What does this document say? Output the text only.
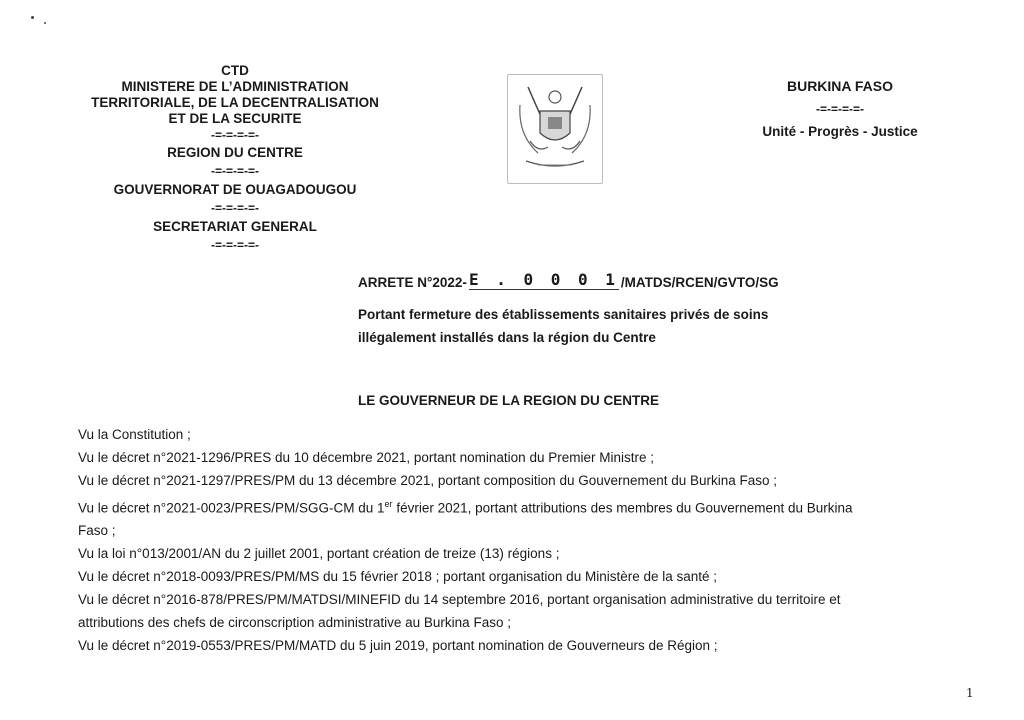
CTD
MINISTERE DE L’ADMINISTRATION
TERRITORIALE, DE LA DECENTRALISATION
ET DE LA SECURITE
-=-=-=-=-
REGION DU CENTRE
-=-=-=-=-
GOUVERNORAT DE OUAGADOUGOU
-=-=-=-=-
SECRETARIAT GENERAL
-=-=-=-=-
BURKINA FASO
-=-=-=-=-
Unité - Progrès - Justice
ARRETE N°2022- E . 0 0 0 1 /MATDS/RCEN/GVTO/SG
Portant fermeture des établissements sanitaires privés de soins
illégalement installés dans la région du Centre
LE GOUVERNEUR DE LA REGION DU CENTRE

Vu la Constitution ;

Vu le décret n°2021-1296/PRES du 10 décembre 2021, portant nomination du Premier Ministre ;

Vu le décret n°2021-1297/PRES/PM du 13 décembre 2021, portant composition du Gouvernement du Burkina Faso ;

Vu le décret n°2021-0023/PRES/PM/SGG-CM du 1er février 2021, portant attributions des membres du Gouvernement du Burkina

Faso ;

Vu la loi n°013/2001/AN du 2 juillet 2001, portant création de treize (13) régions ;

Vu le décret n°2018-0093/PRES/PM/MS du 15 février 2018 ; portant organisation du Ministère de la santé ;

Vu le décret n°2016-878/PRES/PM/MATDSI/MINEFID du 14 septembre 2016, portant organisation administrative du territoire et

attributions des chefs de circonscription administrative au Burkina Faso ;

Vu le décret n°2019-0553/PRES/PM/MATD du 5 juin 2019, portant nomination de Gouverneurs de Région ;

1
